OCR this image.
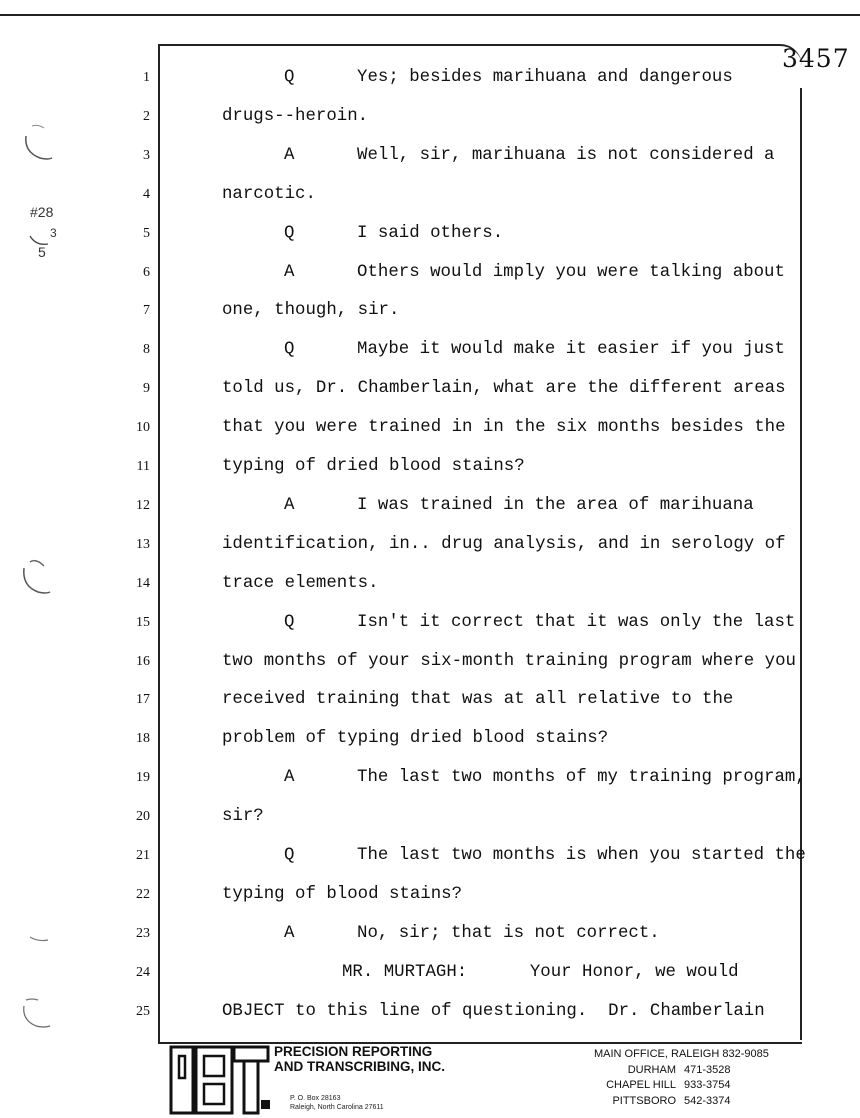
3457
#28
3
5
1	Q      Yes; besides marihuana and dangerous
2	drugs--heroin.
3	A      Well, sir, marihuana is not considered a
4	narcotic.
5	Q      I said others.
6	A      Others would imply you were talking about
7	one, though, sir.
8	Q      Maybe it would make it easier if you just
9	told us, Dr. Chamberlain, what are the different areas
10	that you were trained in in the six months besides the
11	typing of dried blood stains?
12	A      I was trained in the area of marihuana
13	identification, in.. drug analysis, and in serology of
14	trace elements.
15	Q      Isn't it correct that it was only the last
16	two months of your six-month training program where you
17	received training that was at all relative to the
18	problem of typing dried blood stains?
19	A      The last two months of my training program,
20	sir?
21	Q      The last two months is when you started the
22	typing of blood stains?
23	A      No, sir; that is not correct.
24	MR. MURTAGH:      Your Honor, we would
25	OBJECT to this line of questioning.  Dr. Chamberlain
PRECISION REPORTING
AND TRANSCRIBING, INC.
P. O. Box 28163
Raleigh, North Carolina 27611
MAIN OFFICE, RALEIGH
832-9085
DURHAM 471-3528
CHAPEL HILL 933-3754
PITTSBORO 542-3374
